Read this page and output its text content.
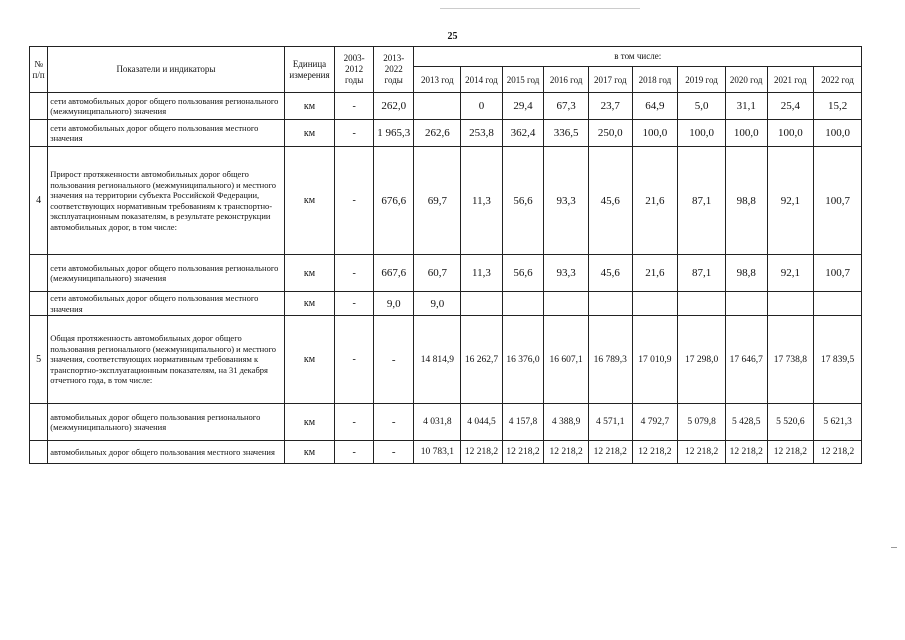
25
№ п/п	Показатели и индикаторы	Единица измерения	2003-2012 годы	2013-2022 годы	в том числе:									
					2013 год	2014 год	2015 год	2016 год	2017 год	2018 год	2019 год	2020 год	2021 год	2022 год
	сети автомобильных дорог общего пользования регионального (межмуниципального) значения	км	-	262,0		0	29,4	67,3	23,7	64,9	5,0	31,1	25,4	15,2
	сети автомобильных дорог общего пользования местного значения	км	-	1 965,3	262,6	253,8	362,4	336,5	250,0	100,0	100,0	100,0	100,0	100,0
4	Прирост протяженности автомобильных дорог общего пользования регионального (межмуниципального) и местного значения на территории субъекта Российской Федерации, соответствующих нормативным требованиям к транспортно-эксплуатационным показателям, в результате реконструкции автомобильных дорог, в том числе:	км	-	676,6	69,7	11,3	56,6	93,3	45,6	21,6	87,1	98,8	92,1	100,7
	сети автомобильных дорог общего пользования регионального (межмуниципального) значения	км	-	667,6	60,7	11,3	56,6	93,3	45,6	21,6	87,1	98,8	92,1	100,7
	сети автомобильных дорог общего пользования местного значения	км	-	9,0	9,0									
5	Общая протяженность автомобильных дорог общего пользования регионального (межмуниципального) и местного значения, соответствующих нормативным требованиям к транспортно-эксплуатационным показателям, на 31 декабря отчетного года, в том числе:	км	-	-	14 814,9	16 262,7	16 376,0	16 607,1	16 789,3	17 010,9	17 298,0	17 646,7	17 738,8	17 839,5
	автомобильных дорог общего пользования регионального (межмуниципального) значения	км	-	-	4 031,8	4 044,5	4 157,8	4 388,9	4 571,1	4 792,7	5 079,8	5 428,5	5 520,6	5 621,3
	автомобильных дорог общего пользования местного значения	км	-	-	10 783,1	12 218,2	12 218,2	12 218,2	12 218,2	12 218,2	12 218,2	12 218,2	12 218,2	12 218,2
